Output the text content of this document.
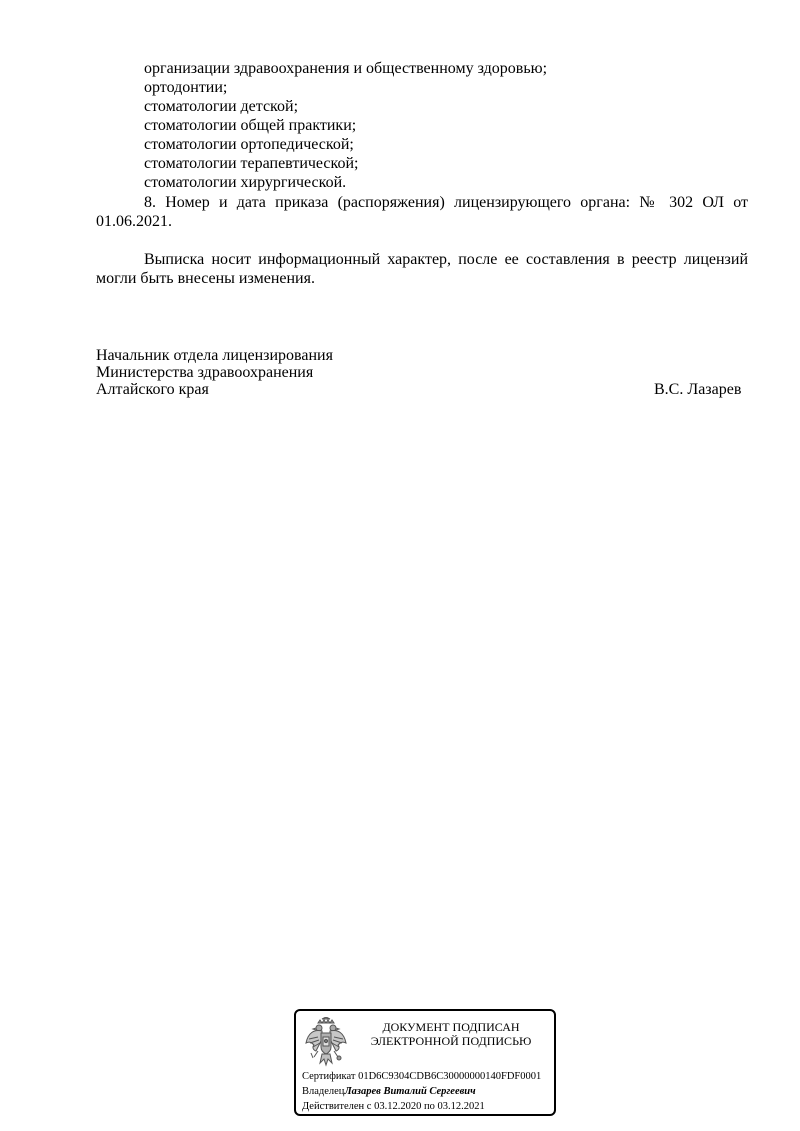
организации здравоохранения и общественному здоровью;
ортодонтии;
стоматологии детской;
стоматологии общей практики;
стоматологии ортопедической;
стоматологии терапевтической;
стоматологии хирургической.
8. Номер и дата приказа (распоряжения) лицензирующего органа: № 302 ОЛ от
01.06.2021.
Выписка носит информационный характер, после ее составления в реестр лицензий
могли быть внесены изменения.
Начальник отдела лицензирования
Министерства здравоохранения
Алтайского края	В.С. Лазарев
ДОКУМЕНТ ПОДПИСАН
ЭЛЕКТРОННОЙ ПОДПИСЬЮ
Сертификат 01D6C9304CDB6C30000000140FDF0001
ВладелецЛазарев Виталий Сергеевич
Действителен с 03.12.2020 по 03.12.2021
